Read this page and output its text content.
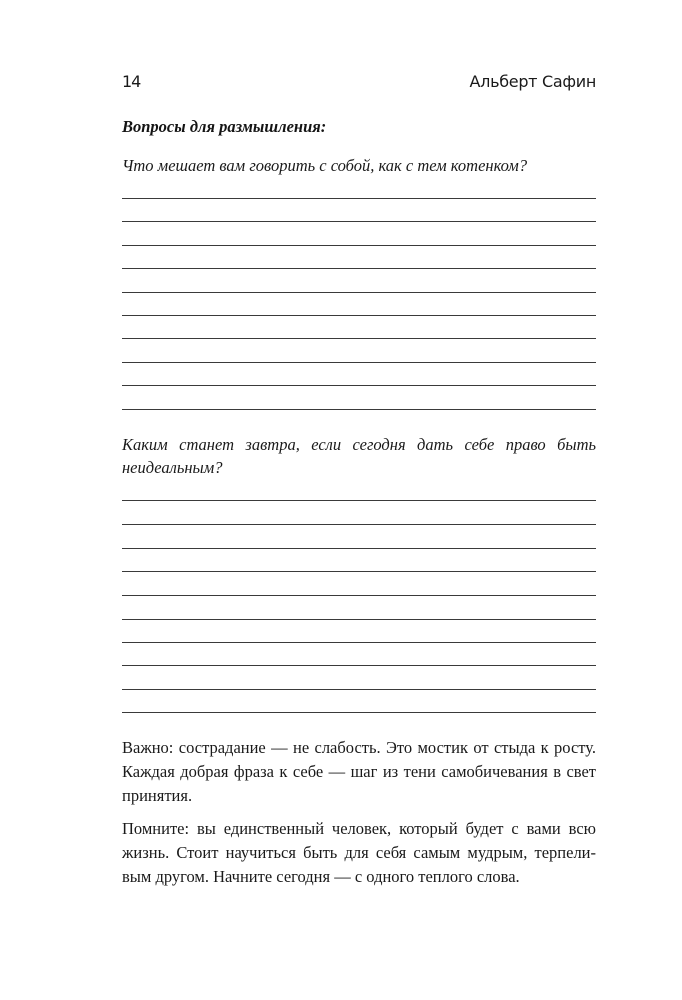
14	Альберт Сафин
Вопросы для размышления:
Что мешает вам говорить с собой, как с тем котенком?
Каким станет завтра, если сегодня дать себе право быть
неидеальным?
Важно: сострадание — не слабость. Это мостик от стыда к росту.
Каждая добрая фраза к себе — шаг из тени самобичевания в свет
принятия.
Помните: вы единственный человек, который будет с вами всю
жизнь. Стоит научиться быть для себя самым мудрым, терпели-
вым другом. Начните сегодня — с одного теплого слова.
